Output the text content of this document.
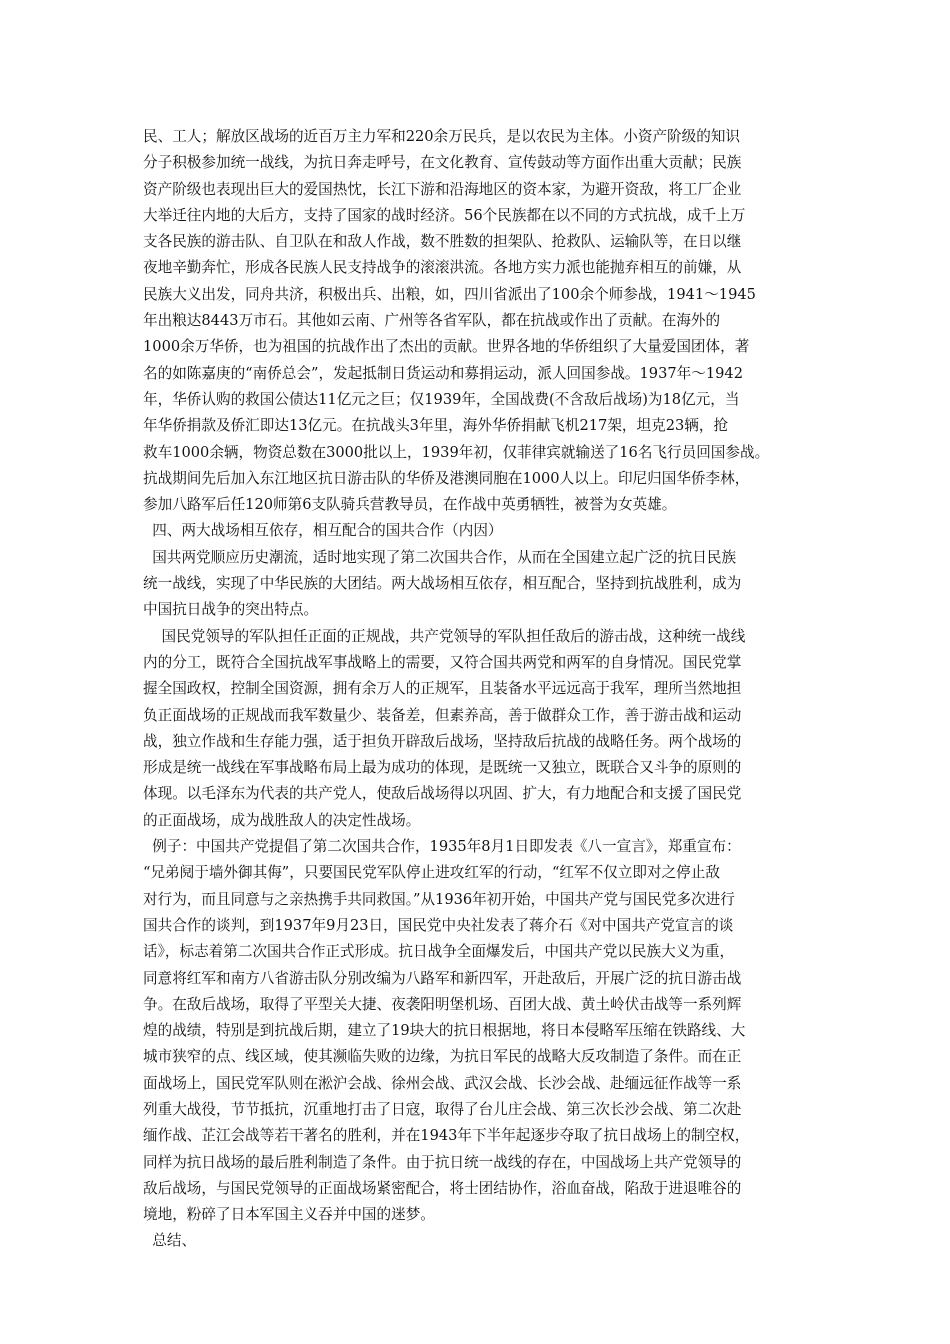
民、工人；解放区战场的近百万主力军和220余万民兵，是以农民为主体。小资产阶级的知识
分子积极参加统一战线，为抗日奔走呼号，在文化教育、宣传鼓动等方面作出重大贡献；民族
资产阶级也表现出巨大的爱国热忱，长江下游和沿海地区的资本家，为避开资敌，将工厂企业
大举迁往内地的大后方，支持了国家的战时经济。56个民族都在以不同的方式抗战，成千上万
支各民族的游击队、自卫队在和敌人作战，数不胜数的担架队、抢救队、运输队等，在日以继
夜地辛勤奔忙，形成各民族人民支持战争的滚滚洪流。各地方实力派也能抛弃相互的前嫌，从
民族大义出发，同舟共济，积极出兵、出粮，如，四川省派出了100余个师参战，1941～1945
年出粮达8443万市石。其他如云南、广州等各省军队，都在抗战或作出了贡献。在海外的
1000余万华侨，也为祖国的抗战作出了杰出的贡献。世界各地的华侨组织了大量爱国团体，著
名的如陈嘉庚的“南侨总会”，发起抵制日货运动和募捐运动，派人回国参战。1937年～1942
年，华侨认购的救国公债达11亿元之巨；仅1939年，全国战费(不含敌后战场)为18亿元，当
年华侨捐款及侨汇即达13亿元。在抗战头3年里，海外华侨捐献飞机217架，坦克23辆，抢
救车1000余辆，物资总数在3000批以上，1939年初，仅菲律宾就输送了16名飞行员回国参战。
抗战期间先后加入东江地区抗日游击队的华侨及港澳同胞在1000人以上。印尼归国华侨李林，
参加八路军后任120师第6支队骑兵营教导员，在作战中英勇牺牲，被誉为女英雄。
四、两大战场相互依存，相互配合的国共合作（内因）
国共两党顺应历史潮流，适时地实现了第二次国共合作，从而在全国建立起广泛的抗日民族
统一战线，实现了中华民族的大团结。两大战场相互依存，相互配合，坚持到抗战胜利，成为
中国抗日战争的突出特点。
国民党领导的军队担任正面的正规战，共产党领导的军队担任敌后的游击战，这种统一战线
内的分工，既符合全国抗战军事战略上的需要，又符合国共两党和两军的自身情况。国民党掌
握全国政权，控制全国资源，拥有余万人的正规军，且装备水平远远高于我军，理所当然地担
负正面战场的正规战而我军数量少、装备差，但素养高，善于做群众工作，善于游击战和运动
战，独立作战和生存能力强，适于担负开辟敌后战场，坚持敌后抗战的战略任务。两个战场的
形成是统一战线在军事战略布局上最为成功的体现，是既统一又独立，既联合又斗争的原则的
体现。以毛泽东为代表的共产党人，使敌后战场得以巩固、扩大，有力地配合和支援了国民党
的正面战场，成为战胜敌人的决定性战场。
例子：中国共产党提倡了第二次国共合作，1935年8月1日即发表《八一宣言》，郑重宣布：
“兄弟阋于墙外御其侮”，只要国民党军队停止进攻红军的行动，“红军不仅立即对之停止敌
对行为，而且同意与之亲热携手共同救国。”从1936年初开始，中国共产党与国民党多次进行
国共合作的谈判，到1937年9月23日，国民党中央社发表了蒋介石《对中国共产党宣言的谈
话》，标志着第二次国共合作正式形成。抗日战争全面爆发后，中国共产党以民族大义为重，
同意将红军和南方八省游击队分别改编为八路军和新四军，开赴敌后，开展广泛的抗日游击战
争。在敌后战场，取得了平型关大捷、夜袭阳明堡机场、百团大战、黄土岭伏击战等一系列辉
煌的战绩，特别是到抗战后期，建立了19块大的抗日根据地，将日本侵略军压缩在铁路线、大
城市狭窄的点、线区域，使其濒临失败的边缘，为抗日军民的战略大反攻制造了条件。而在正
面战场上，国民党军队则在淞沪会战、徐州会战、武汉会战、长沙会战、赴缅远征作战等一系
列重大战役，节节抵抗，沉重地打击了日寇，取得了台儿庄会战、第三次长沙会战、第二次赴
缅作战、芷江会战等若干著名的胜利，并在1943年下半年起逐步夺取了抗日战场上的制空权，
同样为抗日战场的最后胜利制造了条件。由于抗日统一战线的存在，中国战场上共产党领导的
敌后战场，与国民党领导的正面战场紧密配合，将士团结协作，浴血奋战，陷敌于进退唯谷的
境地，粉碎了日本军国主义吞并中国的迷梦。
总结、
